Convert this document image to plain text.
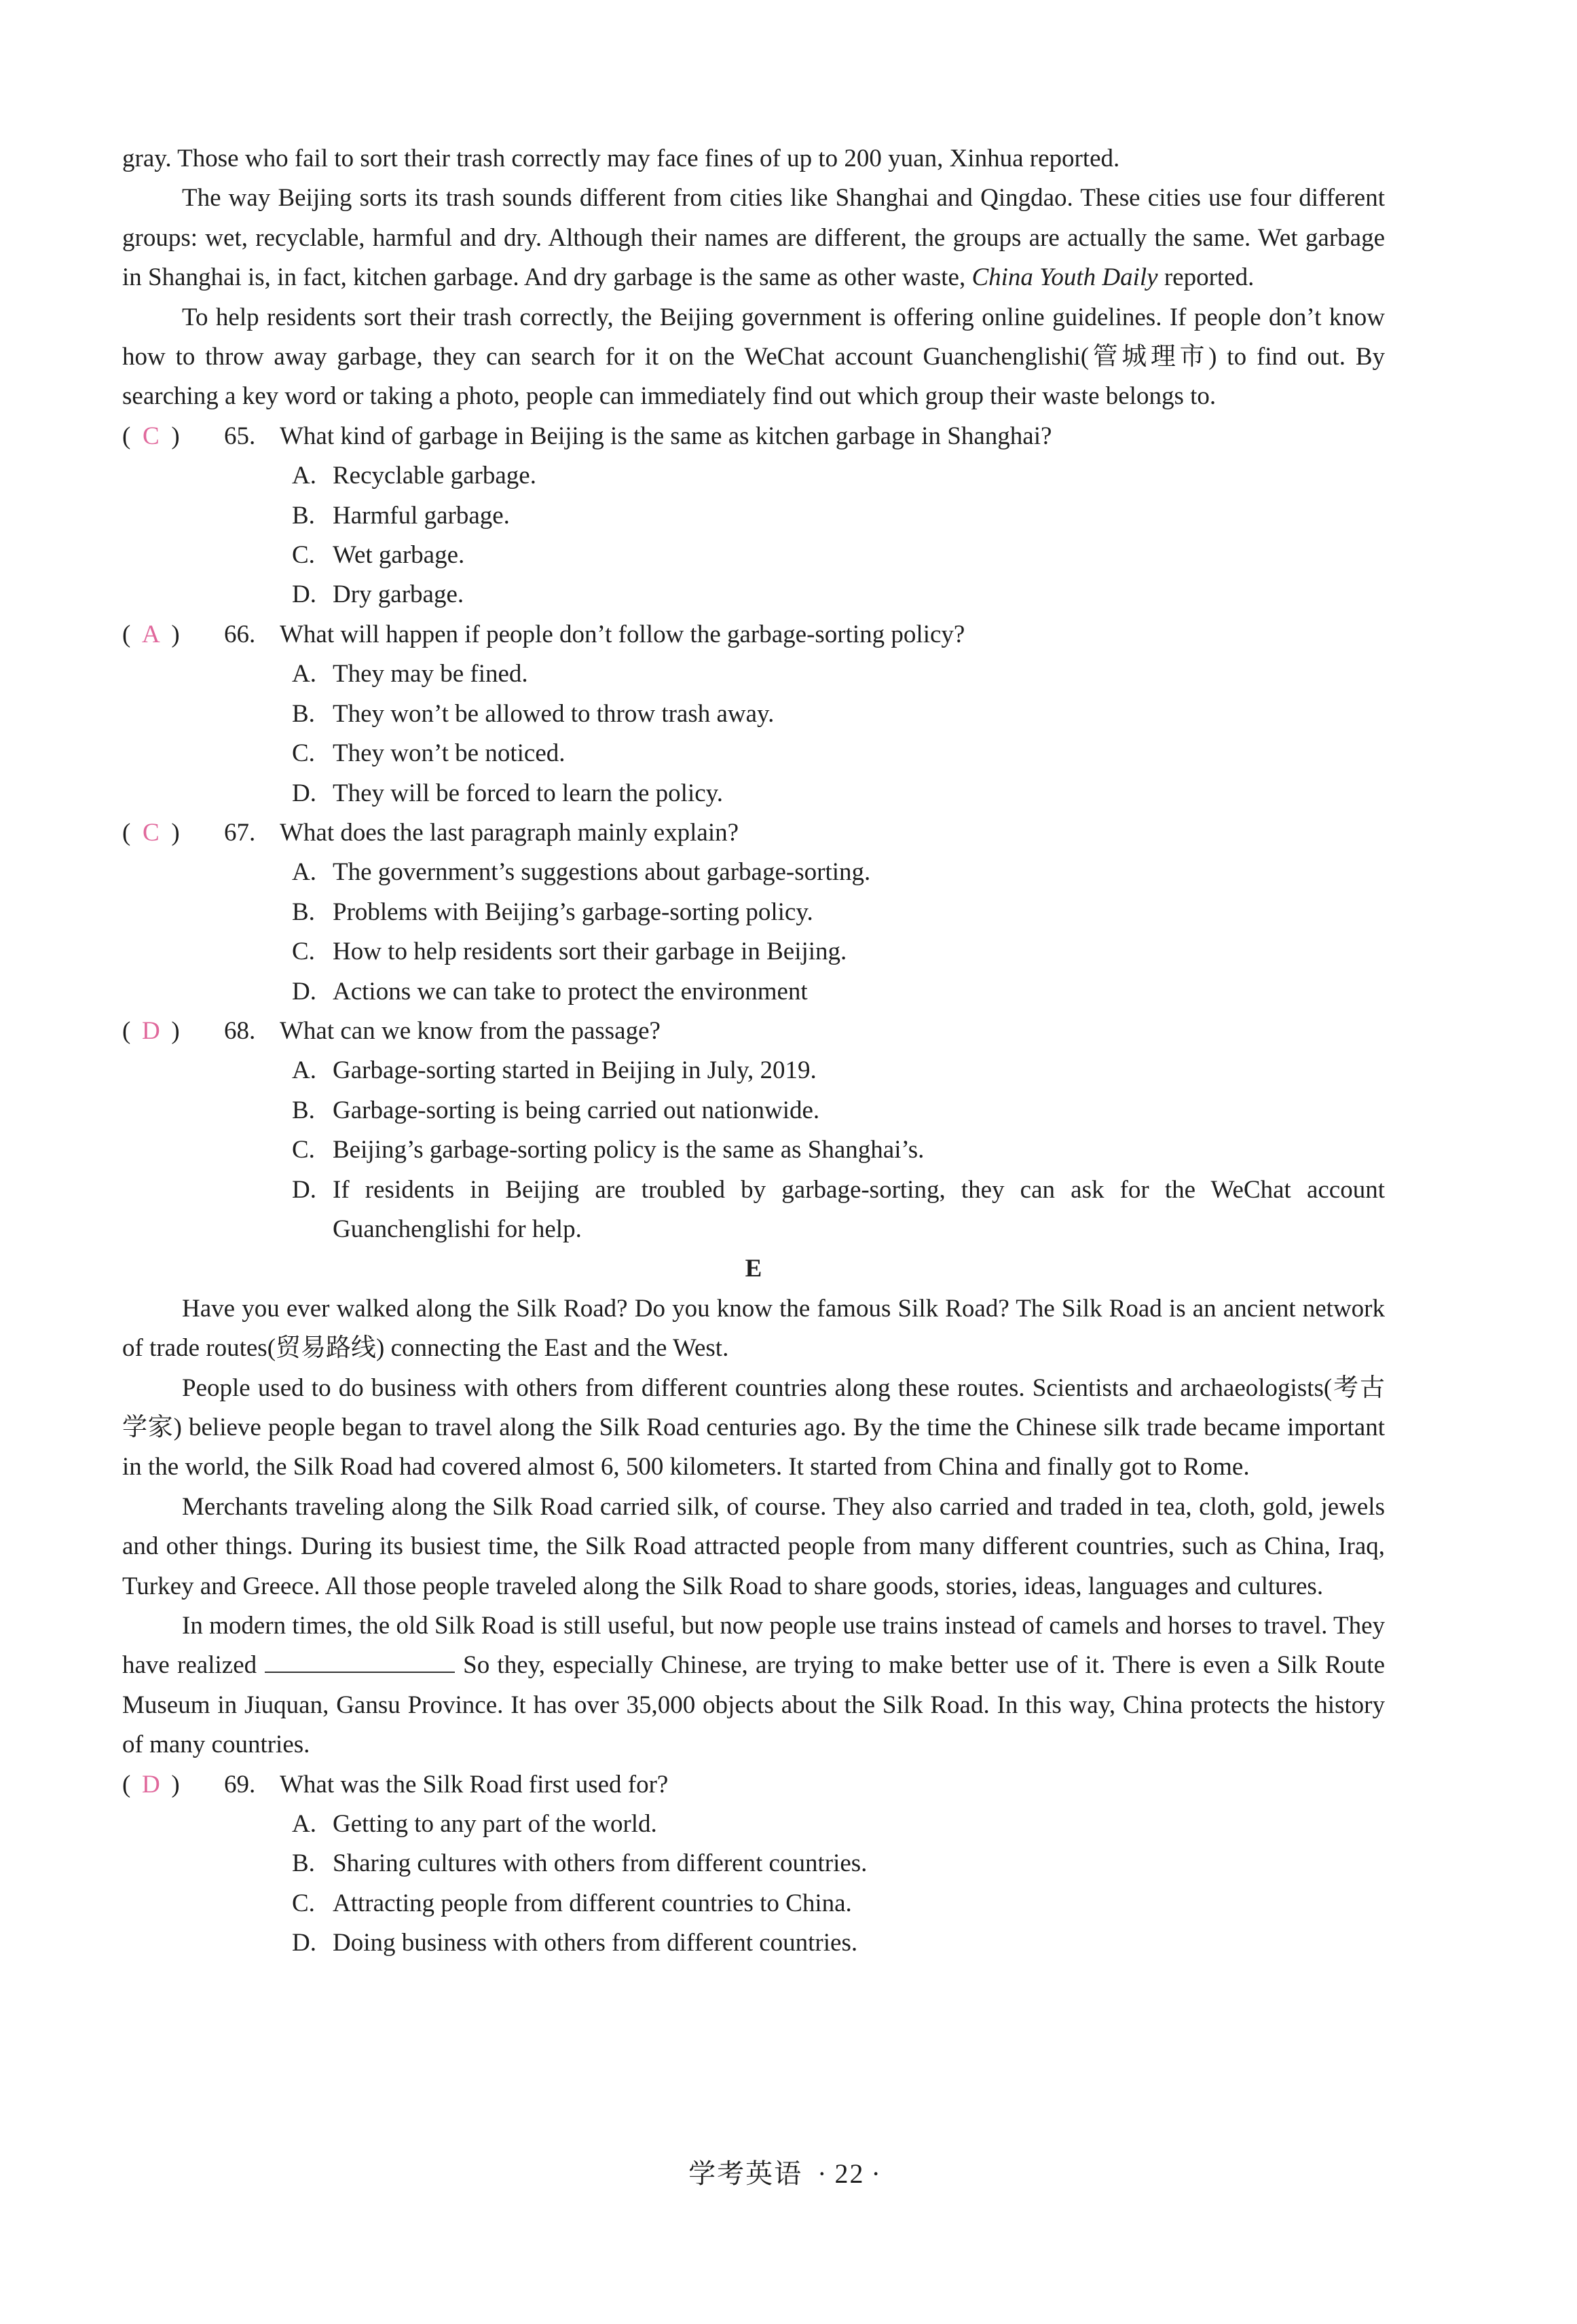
gray. Those who fail to sort their trash correctly may face fines of up to 200 yuan, Xinhua reported.

The way Beijing sorts its trash sounds different from cities like Shanghai and Qingdao. These cities use four different groups: wet, recyclable, harmful and dry. Although their names are different, the groups are actually the same. Wet garbage in Shanghai is, in fact, kitchen garbage. And dry garbage is the same as other waste, China Youth Daily reported.

To help residents sort their trash correctly, the Beijing government is offering online guidelines. If people don’t know how to throw away garbage, they can search for it on the WeChat account Guanchenglishi(管城理市) to find out. By searching a key word or taking a photo, people can immediately find out which group their waste belongs to.

( C )	65. What kind of garbage in Beijing is the same as kitchen garbage in Shanghai?
A. Recyclable garbage.
B. Harmful garbage.
C. Wet garbage.
D. Dry garbage.
( A )	66. What will happen if people don’t follow the garbage-sorting policy?
A. They may be fined.
B. They won’t be allowed to throw trash away.
C. They won’t be noticed.
D. They will be forced to learn the policy.
( C )	67. What does the last paragraph mainly explain?
A. The government’s suggestions about garbage-sorting.
B. Problems with Beijing’s garbage-sorting policy.
C. How to help residents sort their garbage in Beijing.
D. Actions we can take to protect the environment
( D )	68. What can we know from the passage?
A. Garbage-sorting started in Beijing in July, 2019.
B. Garbage-sorting is being carried out nationwide.
C. Beijing’s garbage-sorting policy is the same as Shanghai’s.
D. If residents in Beijing are troubled by garbage-sorting, they can ask for the WeChat account Guanchenglishi for help.
E

Have you ever walked along the Silk Road? Do you know the famous Silk Road? The Silk Road is an ancient network of trade routes(贸易路线) connecting the East and the West.

People used to do business with others from different countries along these routes. Scientists and archaeologists(考古学家) believe people began to travel along the Silk Road centuries ago. By the time the Chinese silk trade became important in the world, the Silk Road had covered almost 6, 500 kilometers. It started from China and finally got to Rome.

Merchants traveling along the Silk Road carried silk, of course. They also carried and traded in tea, cloth, gold, jewels and other things. During its busiest time, the Silk Road attracted people from many different countries, such as China, Iraq, Turkey and Greece. All those people traveled along the Silk Road to share goods, stories, ideas, languages and cultures.

In modern times, the old Silk Road is still useful, but now people use trains instead of camels and horses to travel. They have realized	So they, especially Chinese, are trying to make better use of it. There is even a Silk Route Museum in Jiuquan, Gansu Province. It has over 35,000 objects about the Silk Road. In this way, China protects the history of many countries.

( D )	69. What was the Silk Road first used for?
A. Getting to any part of the world.
B. Sharing cultures with others from different countries.
C. Attracting people from different countries to China.
D. Doing business with others from different countries.
学考英语 · 22 ·
